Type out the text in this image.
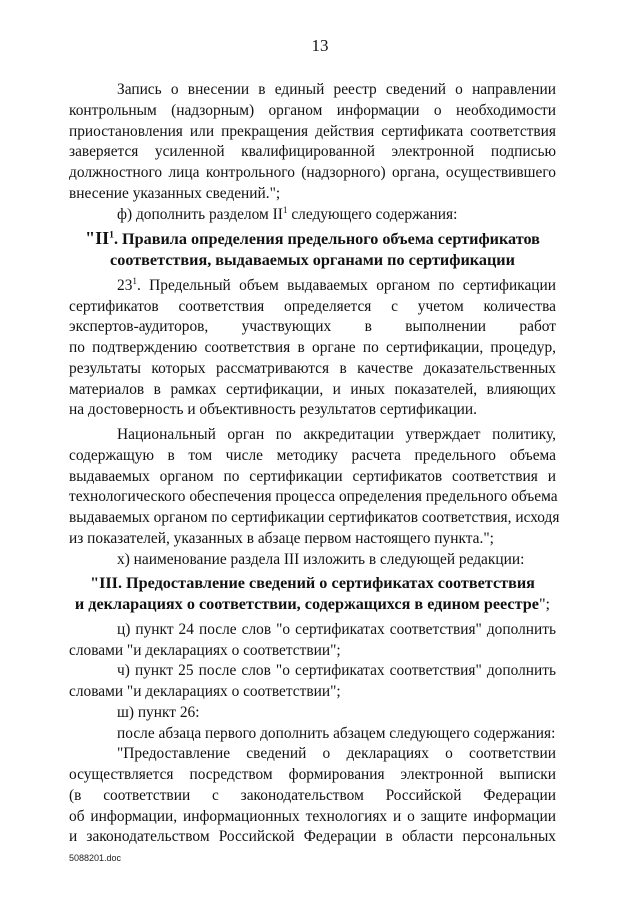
13
Запись о внесении в единый реестр сведений о направлении
контрольным (надзорным) органом информации о необходимости
приостановления или прекращения действия сертификата соответствия
заверяется усиленной квалифицированной электронной подписью
должностного лица контрольного (надзорного) органа, осуществившего
внесение указанных сведений.";
ф) дополнить разделом $II^1$ следующего содержания:
"$II^1$. Правила определения предельного объема сертификатов
соответствия, выдаваемых органами по сертификации
$23^1$. Предельный объем выдаваемых органом по сертификации
сертификатов соответствия определяется с учетом количества
экспертов-аудиторов, участвующих в выполнении работ
по подтверждению соответствия в органе по сертификации, процедур,
результаты которых рассматриваются в качестве доказательственных
материалов в рамках сертификации, и иных показателей, влияющих
на достоверность и объективность результатов сертификации.
Национальный орган по аккредитации утверждает политику,
содержащую в том числе методику расчета предельного объема
выдаваемых органом по сертификации сертификатов соответствия и
технологического обеспечения процесса определения предельного объема
выдаваемых органом по сертификации сертификатов соответствия, исходя
из показателей, указанных в абзаце первом настоящего пункта.";
х) наименование раздела III изложить в следующей редакции:
"III. Предоставление сведений о сертификатах соответствия
и декларациях о соответствии, содержащихся в едином реестре";
ц) пункт 24 после слов "о сертификатах соответствия" дополнить
словами "и декларациях о соответствии";
ч) пункт 25 после слов "о сертификатах соответствия" дополнить
словами "и декларациях о соответствии";
ш) пункт 26:
после абзаца первого дополнить абзацем следующего содержания:
"Предоставление сведений о декларациях о соответствии
осуществляется посредством формирования электронной выписки
(в соответствии с законодательством Российской Федерации
об информации, информационных технологиях и о защите информации
и законодательством Российской Федерации в области персональных
5088201.doc
